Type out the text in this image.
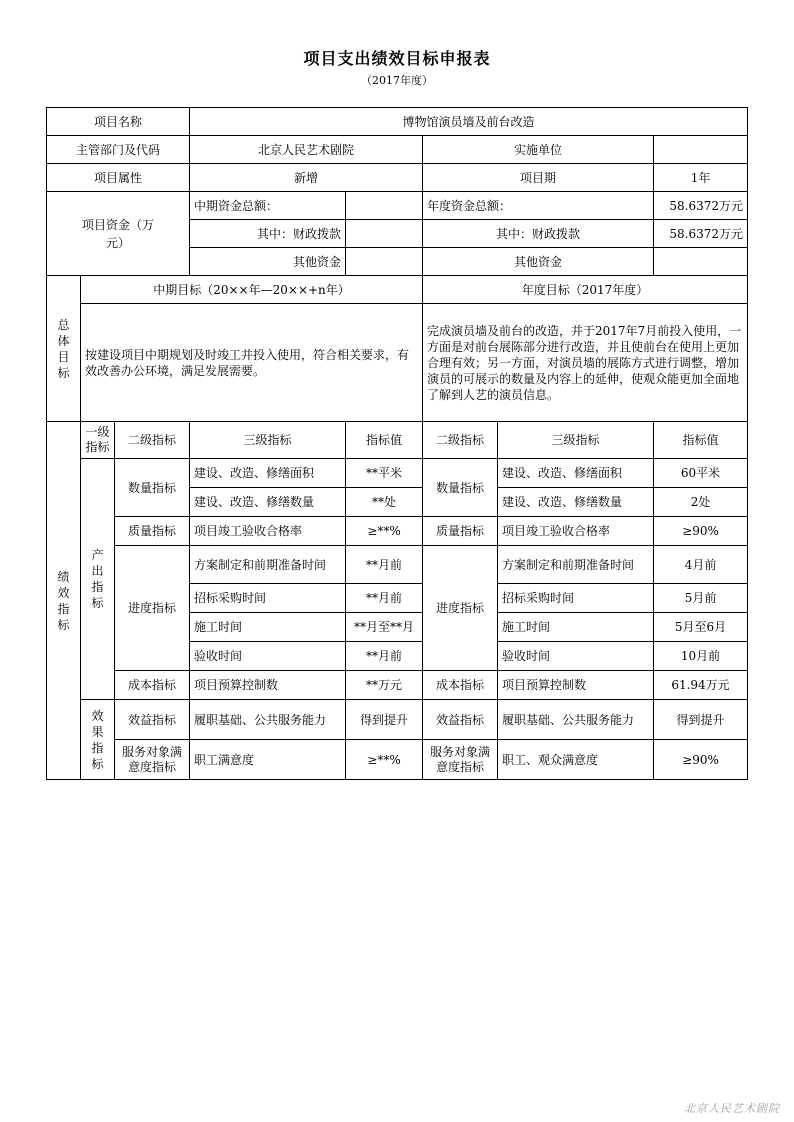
项目支出绩效目标申报表
（2017年度）
项目名称			博物馆演员墙及前台改造				
主管部门及代码			北京人民艺术剧院		实施单位		
项目属性			新增		项目期		1年

项目资金（万元）			中期资金总额：		年度资金总额：		58.6372万元
			其中：财政拨款		其中：财政拨款		58.6372万元
			其他资金		其他资金		

总体目标	中期目标（20××年—20××+n年）				年度目标（2017年度）		
	按建设项目中期规划及时竣工并投入使用，符合相关要求，有效改善办公环境，满足发展需要。				完成演员墙及前台的改造，并于2017年7月前投入使用，一方面是对前台展陈部分进行改造，并且使前台在使用上更加合理有效；另一方面，对演员墙的展陈方式进行调整，增加演员的可展示的数量及内容上的延伸，使观众能更加全面地了解到人艺的演员信息。		

绩效指标	一级指标	二级指标	三级指标	指标值	二级指标	三级指标	指标值

	产出指标	数量指标	建设、改造、修缮面积	**平米	数量指标	建设、改造、修缮面积	60平米
			建设、改造、修缮数量	**处		建设、改造、修缮数量	2处
		质量指标	项目竣工验收合格率	≥**%	质量指标	项目竣工验收合格率	≥90%
		进度指标	方案制定和前期准备时间	**月前	进度指标	方案制定和前期准备时间	4月前
			招标采购时间	**月前		招标采购时间	5月前
			施工时间	**月至**月		施工时间	5月至6月
			验收时间	**月前		验收时间	10月前
		成本指标	项目预算控制数	**万元	成本指标	项目预算控制数	61.94万元

	效果指标	效益指标	履职基础、公共服务能力	得到提升	效益指标	履职基础、公共服务能力	得到提升

		服务对象满意度指标	职工满意度	≥**%	服务对象满意度指标	职工、观众满意度	≥90%
北京人民艺术剧院
